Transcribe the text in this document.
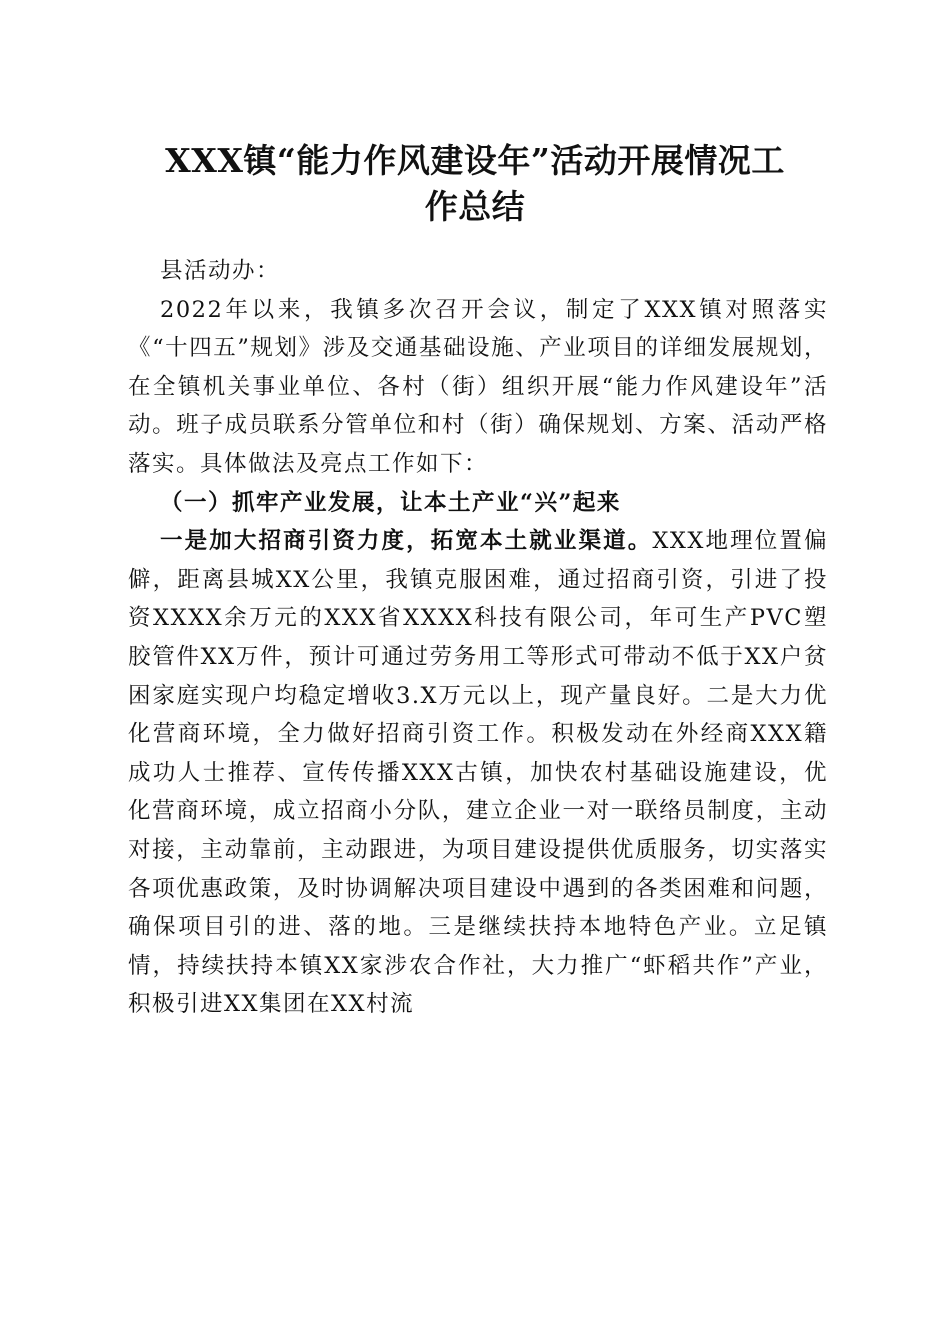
XXX镇“能力作风建设年”活动开展情况工
作总结

县活动办：

2022年以来，我镇多次召开会议，制定了XXX镇对照落实《“十四五”规划》涉及交通基础设施、产业项目的详细发展规划，在全镇机关事业单位、各村（街）组织开展“能力作风建设年”活动。班子成员联系分管单位和村（街）确保规划、方案、活动严格落实。具体做法及亮点工作如下：

（一）抓牢产业发展，让本土产业“兴”起来

一是加大招商引资力度，拓宽本土就业渠道。XXX地理位置偏僻，距离县城XX公里，我镇克服困难，通过招商引资，引进了投资XXXX余万元的XXX省XXXX科技有限公司，年可生产PVC塑胶管件XX万件，预计可通过劳务用工等形式可带动不低于XX户贫困家庭实现户均稳定增收3.X万元以上，现产量良好。二是大力优化营商环境，全力做好招商引资工作。积极发动在外经商XXX籍成功人士推荐、宣传传播XXX古镇，加快农村基础设施建设，优化营商环境，成立招商小分队，建立企业一对一联络员制度，主动对接，主动靠前，主动跟进，为项目建设提供优质服务，切实落实各项优惠政策，及时协调解决项目建设中遇到的各类困难和问题，确保项目引的进、落的地。三是继续扶持本地特色产业。立足镇情，持续扶持本镇XX家涉农合作社，大力推广“虾稻共作”产业，积极引进XX集团在XX村流
